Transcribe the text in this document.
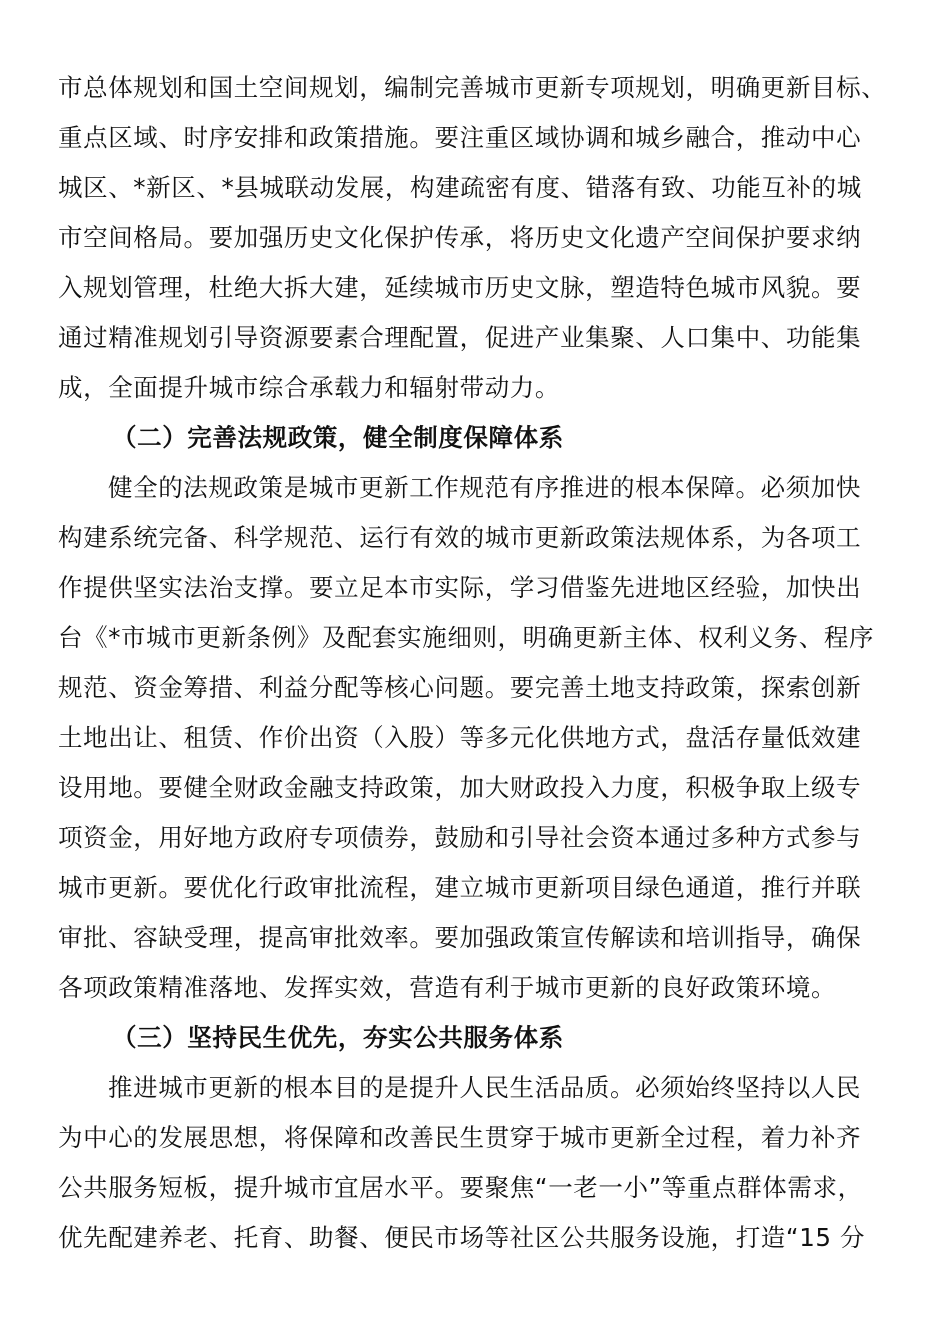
市总体规划和国土空间规划，编制完善城市更新专项规划，明确更新目标、
重点区域、时序安排和政策措施。要注重区域协调和城乡融合，推动中心
城区、*新区、*县城联动发展，构建疏密有度、错落有致、功能互补的城
市空间格局。要加强历史文化保护传承，将历史文化遗产空间保护要求纳
入规划管理，杜绝大拆大建，延续城市历史文脉，塑造特色城市风貌。要
通过精准规划引导资源要素合理配置，促进产业集聚、人口集中、功能集
成，全面提升城市综合承载力和辐射带动力。
（二）完善法规政策，健全制度保障体系
健全的法规政策是城市更新工作规范有序推进的根本保障。必须加快
构建系统完备、科学规范、运行有效的城市更新政策法规体系，为各项工
作提供坚实法治支撑。要立足本市实际，学习借鉴先进地区经验，加快出
台《*市城市更新条例》及配套实施细则，明确更新主体、权利义务、程序
规范、资金筹措、利益分配等核心问题。要完善土地支持政策，探索创新
土地出让、租赁、作价出资（入股）等多元化供地方式，盘活存量低效建
设用地。要健全财政金融支持政策，加大财政投入力度，积极争取上级专
项资金，用好地方政府专项债券，鼓励和引导社会资本通过多种方式参与
城市更新。要优化行政审批流程，建立城市更新项目绿色通道，推行并联
审批、容缺受理，提高审批效率。要加强政策宣传解读和培训指导，确保
各项政策精准落地、发挥实效，营造有利于城市更新的良好政策环境。
（三）坚持民生优先，夯实公共服务体系
推进城市更新的根本目的是提升人民生活品质。必须始终坚持以人民
为中心的发展思想，将保障和改善民生贯穿于城市更新全过程，着力补齐
公共服务短板，提升城市宜居水平。要聚焦“一老一小”等重点群体需求，
优先配建养老、托育、助餐、便民市场等社区公共服务设施，打造“15 分
